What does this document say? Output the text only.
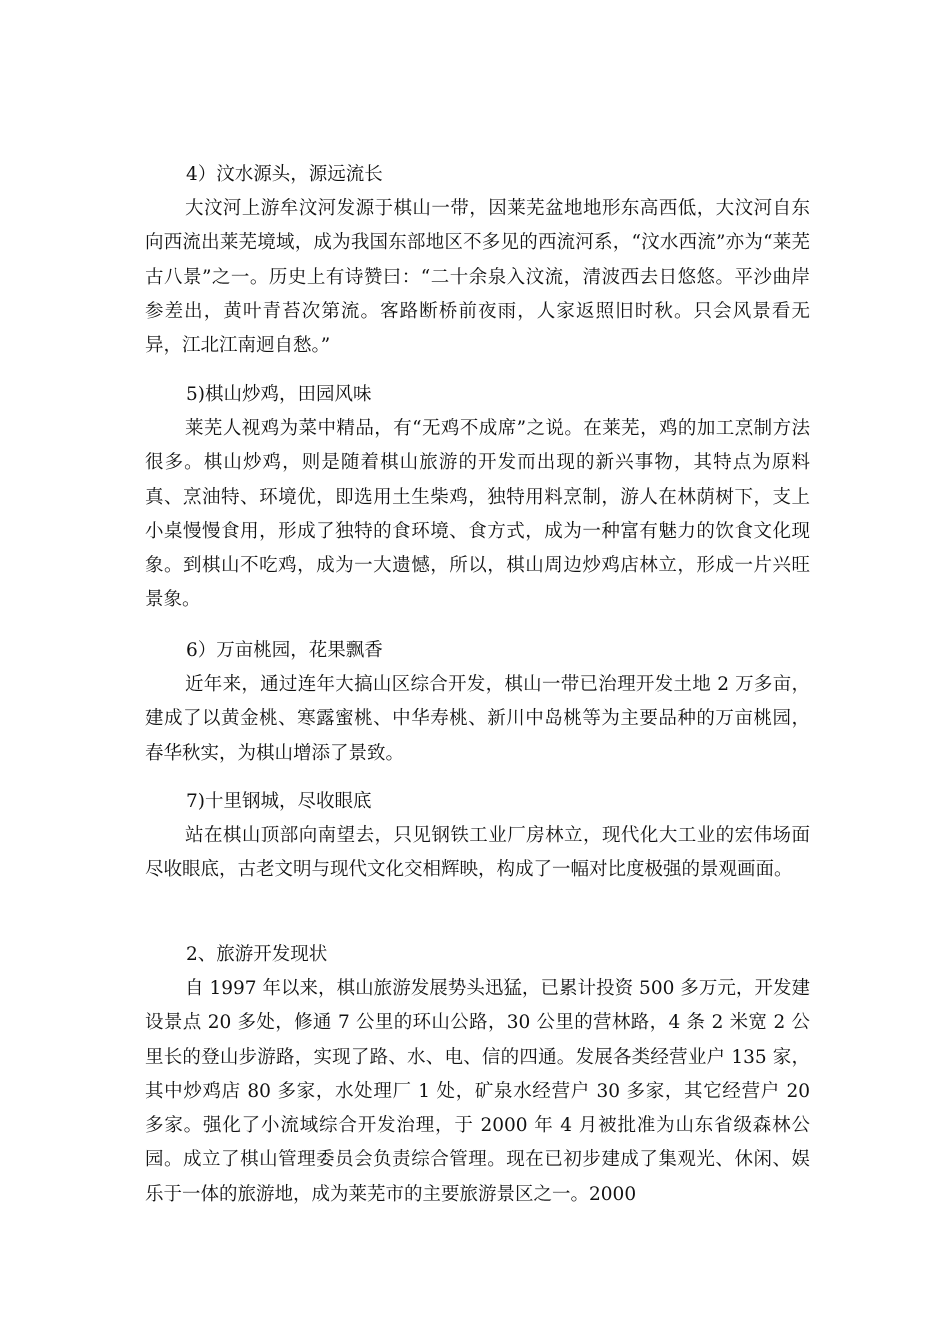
4）汶水源头，源远流长
大汶河上游牟汶河发源于棋山一带，因莱芜盆地地形东高西低，大汶河自东向西流出莱芜境域，成为我国东部地区不多见的西流河系，“汶水西流”亦为“莱芜古八景”之一。历史上有诗赞曰：“二十余泉入汶流，清波西去日悠悠。平沙曲岸参差出，黄叶青苔次第流。客路断桥前夜雨，人家返照旧时秋。只会风景看无异，江北江南迥自愁。”
5)棋山炒鸡，田园风味
莱芜人视鸡为菜中精品，有“无鸡不成席”之说。在莱芜，鸡的加工烹制方法很多。棋山炒鸡，则是随着棋山旅游的开发而出现的新兴事物，其特点为原料真、烹油特、环境优，即选用土生柴鸡，独特用料烹制，游人在林荫树下，支上小桌慢慢食用，形成了独特的食环境、食方式，成为一种富有魅力的饮食文化现象。到棋山不吃鸡，成为一大遗憾，所以，棋山周边炒鸡店林立，形成一片兴旺景象。
6）万亩桃园，花果飘香
近年来，通过连年大搞山区综合开发，棋山一带已治理开发土地 2 万多亩，建成了以黄金桃、寒露蜜桃、中华寿桃、新川中岛桃等为主要品种的万亩桃园，春华秋实，为棋山增添了景致。
7)十里钢城，尽收眼底
站在棋山顶部向南望去，只见钢铁工业厂房林立，现代化大工业的宏伟场面尽收眼底，古老文明与现代文化交相辉映，构成了一幅对比度极强的景观画面。
2、旅游开发现状
自 1997 年以来，棋山旅游发展势头迅猛，已累计投资 500 多万元，开发建设景点 20 多处，修通 7 公里的环山公路，30 公里的营林路，4 条 2 米宽 2 公里长的登山步游路，实现了路、水、电、信的四通。发展各类经营业户 135 家，其中炒鸡店 80 多家，水处理厂 1 处，矿泉水经营户 30 多家，其它经营户 20 多家。强化了小流域综合开发治理，于 2000 年 4 月被批准为山东省级森林公园。成立了棋山管理委员会负责综合管理。现在已初步建成了集观光、休闲、娱乐于一体的旅游地，成为莱芜市的主要旅游景区之一。2000
